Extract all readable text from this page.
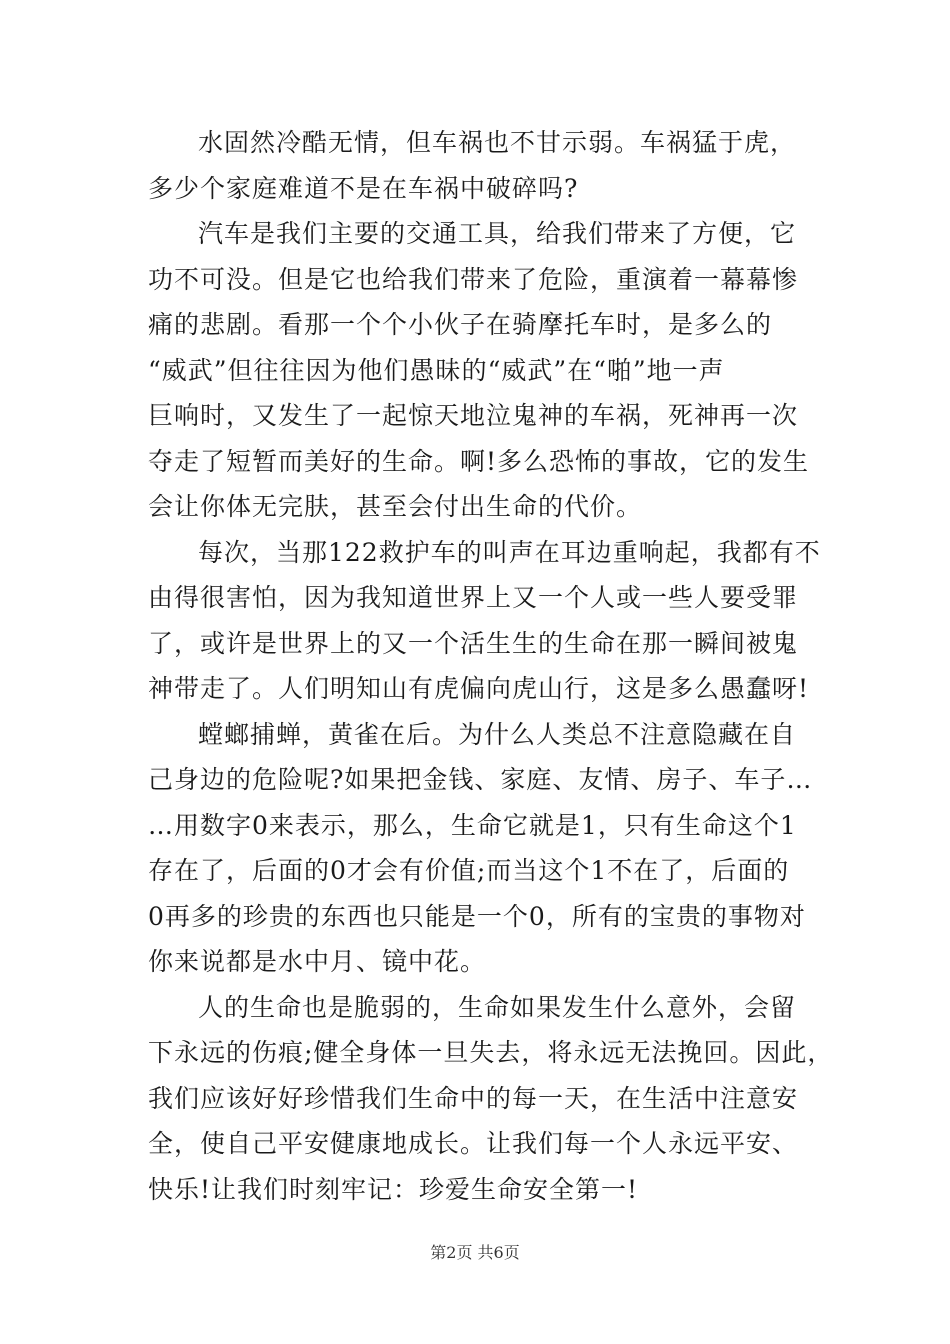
水固然冷酷无情，但车祸也不甘示弱。车祸猛于虎，
多少个家庭难道不是在车祸中破碎吗?
汽车是我们主要的交通工具，给我们带来了方便，它
功不可没。但是它也给我们带来了危险，重演着一幕幕惨
痛的悲剧。看那一个个小伙子在骑摩托车时，是多么的
“威武”但往往因为他们愚昧的“威武”在“啪”地一声
巨响时，又发生了一起惊天地泣鬼神的车祸，死神再一次
夺走了短暂而美好的生命。啊!多么恐怖的事故，它的发生
会让你体无完肤，甚至会付出生命的代价。
每次，当那122救护车的叫声在耳边重响起，我都有不
由得很害怕，因为我知道世界上又一个人或一些人要受罪
了，或许是世界上的又一个活生生的生命在那一瞬间被鬼
神带走了。人们明知山有虎偏向虎山行，这是多么愚蠢呀!
螳螂捕蝉，黄雀在后。为什么人类总不注意隐藏在自
己身边的危险呢?如果把金钱、家庭、友情、房子、车子…
…用数字0来表示，那么，生命它就是1，只有生命这个1
存在了，后面的0才会有价值;而当这个1不在了，后面的
0再多的珍贵的东西也只能是一个0，所有的宝贵的事物对
你来说都是水中月、镜中花。
人的生命也是脆弱的，生命如果发生什么意外，会留
下永远的伤痕;健全身体一旦失去，将永远无法挽回。因此，
我们应该好好珍惜我们生命中的每一天，在生活中注意安
全，使自己平安健康地成长。让我们每一个人永远平安、
快乐!让我们时刻牢记：珍爱生命安全第一!
第2页 共6页
